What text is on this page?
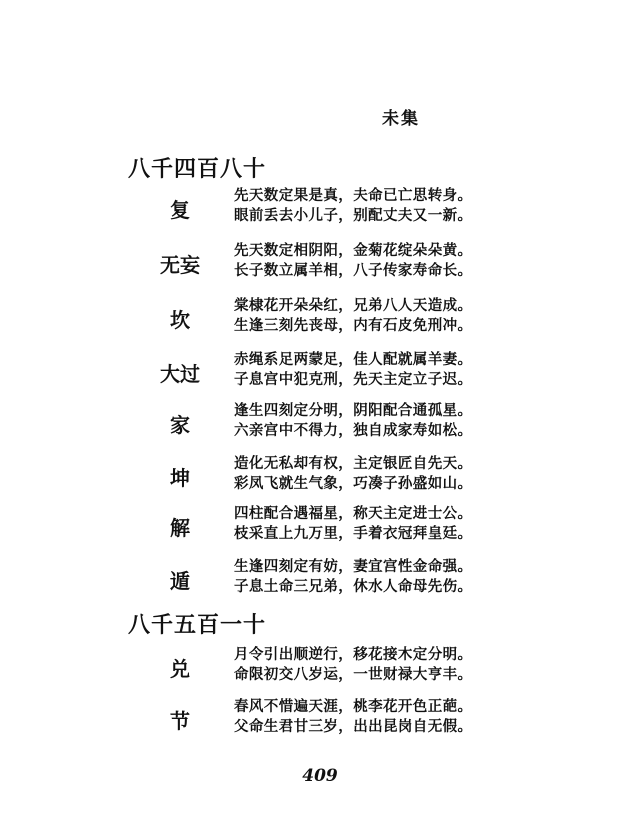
未集
八千四百八十
复
先天数定果是真，夫命已亡思转身。
眼前丢去小儿子，别配丈夫又一新。
无妄
先天数定相阴阳，金菊花绽朵朵黄。
长子数立属羊相，八子传家寿命长。
坎
棠棣花开朵朵红，兄弟八人天造成。
生逢三刻先丧母，内有石皮免刑冲。
大过
赤绳系足两蒙足，佳人配就属羊妻。
子息宫中犯克刑，先天主定立子迟。
家
逢生四刻定分明，阴阳配合通孤星。
六亲宫中不得力，独自成家寿如松。
坤
造化无私却有权，主定银匠自先天。
彩凤飞就生气象，巧凑子孙盛如山。
解
四柱配合遇福星，称天主定进士公。
枝采直上九万里，手着衣冠拜皇廷。
遁
生逢四刻定有妨，妻宜宫性金命强。
子息土命三兄弟，休水人命母先伤。
八千五百一十
兑
月令引出顺逆行，移花接木定分明。
命限初交八岁运，一世财禄大亨丰。
节
春风不惜遍天涯，桃李花开色正葩。
父命生君甘三岁，出出昆岗自无假。
409
